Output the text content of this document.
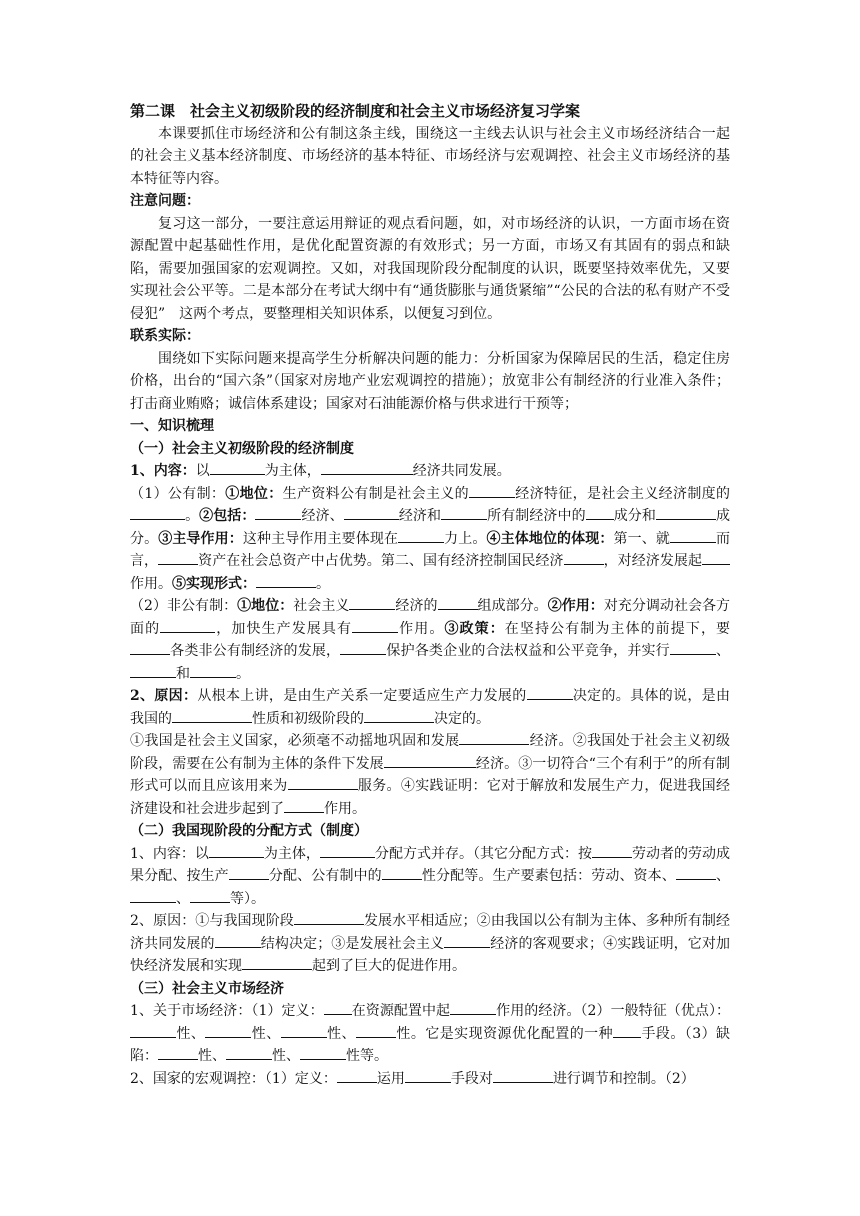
第二课　社会主义初级阶段的经济制度和社会主义市场经济复习学案

本课要抓住市场经济和公有制这条主线，围绕这一主线去认识与社会主义市场经济结合一起的社会主义基本经济制度、市场经济的基本特征、市场经济与宏观调控、社会主义市场经济的基本特征等内容。

注意问题：

复习这一部分，一要注意运用辩证的观点看问题，如，对市场经济的认识，一方面市场在资源配置中起基础性作用，是优化配置资源的有效形式；另一方面，市场又有其固有的弱点和缺陷，需要加强国家的宏观调控。又如，对我国现阶段分配制度的认识，既要坚持效率优先，又要实现社会公平等。二是本部分在考试大纲中有“通货膨胀与通货紧缩”“公民的合法的私有财产不受侵犯”　这两个考点，要整理相关知识体系，以便复习到位。

联系实际：

围绕如下实际问题来提高学生分析解决问题的能力：分析国家为保障居民的生活，稳定住房价格，出台的“国六条”（国家对房地产业宏观调控的措施）；放宽非公有制经济的行业准入条件；打击商业贿赂；诚信体系建设；国家对石油能源价格与供求进行干预等；

一、知识梳理

（一）社会主义初级阶段的经济制度

1、内容：以	为主体，	经济共同发展。

（1）公有制：①地位：生产资料公有制是社会主义的	经济特征，是社会主义经济制度的。②包括：	经济、	经济和	所有制经济中的 成分和	成分。③主导作用：这种主导作用主要体现在	力上。④主体地位的体现：第一、就	而言，	资产在社会总资产中占优势。第二、国有经济控制国民经济	，对经济发展起作用。⑤实现形式：	。

（2）非公有制：①地位：社会主义	经济的	组成部分。②作用：对充分调动社会各方面的	，加快生产发展具有	作用。③政策：在坚持公有制为主体的前提下，要各类非公有制经济的发展，	保护各类企业的合法权益和公平竞争，并实行	、和	。

2、原因：从根本上讲，是由生产关系一定要适应生产力发展的	决定的。具体的说，是由我国的	性质和初级阶段的	决定的。

①我国是社会主义国家，必须毫不动摇地巩固和发展	经济。②我国处于社会主义初级阶段，需要在公有制为主体的条件下发展	经济。③一切符合“三个有利于”的所有制形式可以而且应该用来为	服务。④实践证明：它对于解放和发展生产力，促进我国经济建设和社会进步起到了	作用。

（二）我国现阶段的分配方式（制度）

1、内容：以	为主体，	分配方式并存。（其它分配方式：按	劳动者的劳动成果分配、按生产	分配、公有制中的	性分配等。生产要素包括：劳动、资本、	、、	等）。

2、原因：①与我国现阶段	发展水平相适应；②由我国以公有制为主体、多种所有制经济共同发展的	结构决定；③是发展社会主义	经济的客观要求；④实践证明，它对加快经济发展和实现	起到了巨大的促进作用。

（三）社会主义市场经济

1、关于市场经济：（1）定义： 在资源配置中起	作用的经济。（2）一般特征（优点）：性、	性、	性、	性。它是实现资源优化配置的一种 手段。（3）缺陷：	性、	性、	性等。

2、国家的宏观调控：（1）定义：	运用	手段对	进行调节和控制。（2）
